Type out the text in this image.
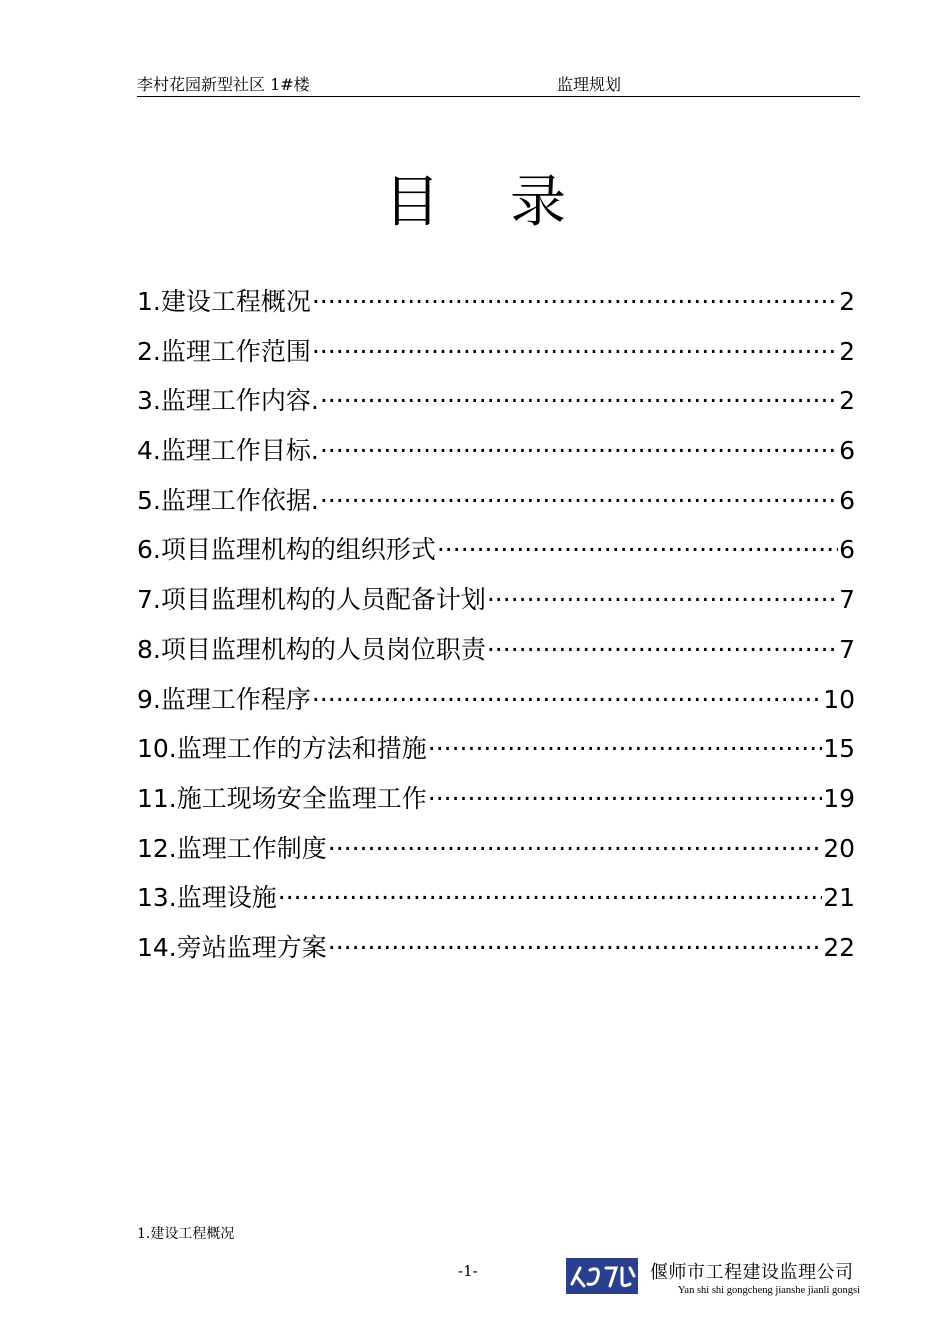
李村花园新型社区 1#楼	监理规划
目录
1.建设工程概况 ·····	2
2.监理工作范围 ·····	2
3.监理工作内容. ·····	2
4.监理工作目标. ·····	6
5.监理工作依据. ·····	6
6.项目监理机构的组织形式 ·····	6
7.项目监理机构的人员配备计划 ·····	7
8.项目监理机构的人员岗位职责 ·····	7
9.监理工作程序 ·····	10
10.监理工作的方法和措施 ·····	15
11.施工现场安全监理工作 ·····	19
12.监理工作制度 ·····	20
13.监理设施 ·····	21
14.旁站监理方案 ·····	22
1.建设工程概况
-1-	偃师市工程建设监理公司
Yan shi shi gongcheng jianshe jianli gongsi
